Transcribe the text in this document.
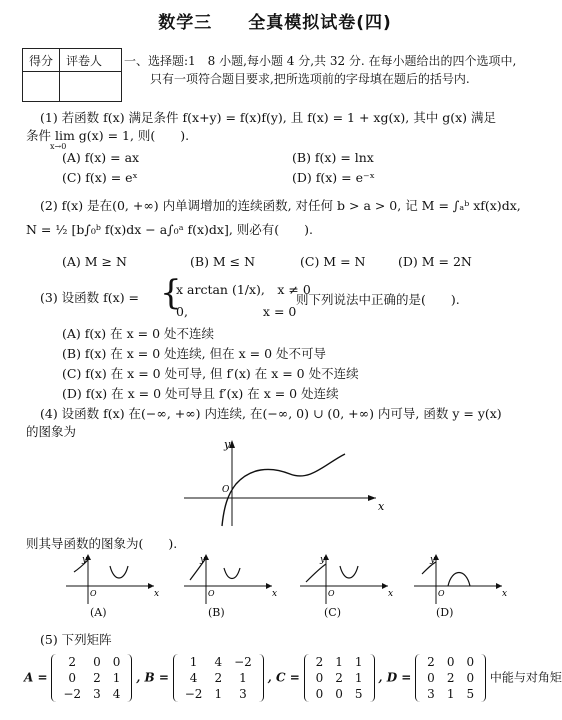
数学三　　全真模拟试卷(四)
得分 评卷人 一、选择题:1　8 小题,每小题 4 分,共 32 分. 在每小题给出的四个选项中,
只有一项符合题目要求,把所选项前的字母填在题后的括号内.
(1) 若函数 f(x) 满足条件 f(x+y) = f(x)f(y), 且 f(x) = 1 + xg(x), 其中 g(x) 满足
条件 lim g(x) = 1, 则(　　).
x→0
(A) f(x) = ax	(B) f(x) = lnx
(C) f(x) = eˣ	(D) f(x) = e⁻ˣ
(2) f(x) 是在(0, +∞) 内单调增加的连续函数, 对任何 b > a > 0, 记 M = ∫ₐᵇ xf(x)dx,
N = ½ [b∫₀ᵇ f(x)dx − a∫₀ᵃ f(x)dx], 则必有(　　).
(A) M ≥ N	(B) M ≤ N	(C) M = N	(D) M = 2N
(3) 设函数 f(x) = {
x arctan (1/x),　x ≠ 0
0,　　　　　　x = 0
则下列说法中正确的是(　　).
(A) f(x) 在 x = 0 处不连续
(B) f(x) 在 x = 0 处连续, 但在 x = 0 处不可导
(C) f(x) 在 x = 0 处可导, 但 f′(x) 在 x = 0 处不连续
(D) f(x) 在 x = 0 处可导且 f′(x) 在 x = 0 处连续
(4) 设函数 f(x) 在(−∞, +∞) 内连续, 在(−∞, 0) ∪ (0, +∞) 内可导, 函数 y = y(x)
的图象为
y
x
O
则其导函数的图象为(　　).
y
x
O
y
x
O
y
x
O
y
x
O
(A)	(B)	(C)	(D)
(5) 下列矩阵
A =
2	0	0
0	2	1
−2	3	4
, B =
1	4	−2
4	2	1
−2	1	3
, C =
2	1	1
0	2	1
0	0	5
, D =
2	0	0
0	2	0
3	1	5
中能与对角矩
